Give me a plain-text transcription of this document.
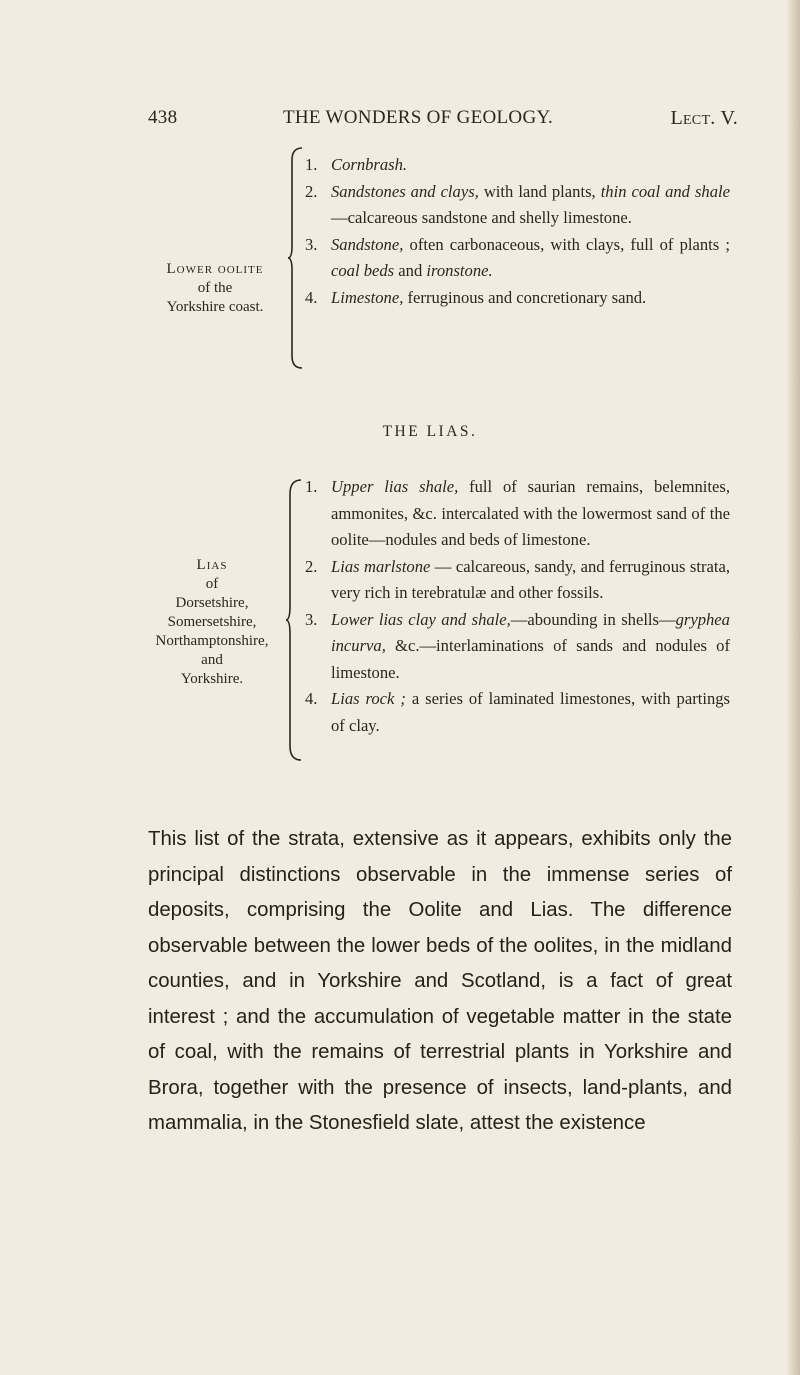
438	THE WONDERS OF GEOLOGY.	Lect. V.
Lower oolite
of the
Yorkshire coast.
1. Cornbrash.
2. Sandstones and clays, with land plants, thin coal and shale—calcareous sandstone and shelly limestone.
3. Sandstone, often carbonaceous, with clays, full of plants ; coal beds and ironstone.
4. Limestone, ferruginous and concretionary sand.
THE LIAS.
Lias
of
Dorsetshire,
Somersetshire,
Northamptonshire,
and
Yorkshire.
1. Upper lias shale, full of saurian remains, belemnites, ammonites, &c. intercalated with the lowermost sand of the oolite—nodules and beds of limestone.
2. Lias marlstone — calcareous, sandy, and ferruginous strata, very rich in terebratulæ and other fossils.
3. Lower lias clay and shale,—abounding in shells—gryphea incurva, &c.—interlaminations of sands and nodules of limestone.
4. Lias rock ; a series of laminated limestones, with partings of clay.

This list of the strata, extensive as it appears, exhibits only the principal distinctions observable in the immense series of deposits, comprising the Oolite and Lias. The difference observable between the lower beds of the oolites, in the midland counties, and in Yorkshire and Scotland, is a fact of great interest ; and the accumulation of vegetable matter in the state of coal, with the remains of terrestrial plants in Yorkshire and Brora, together with the presence of insects, land-plants, and mammalia, in the Stonesfield slate, attest the existence
